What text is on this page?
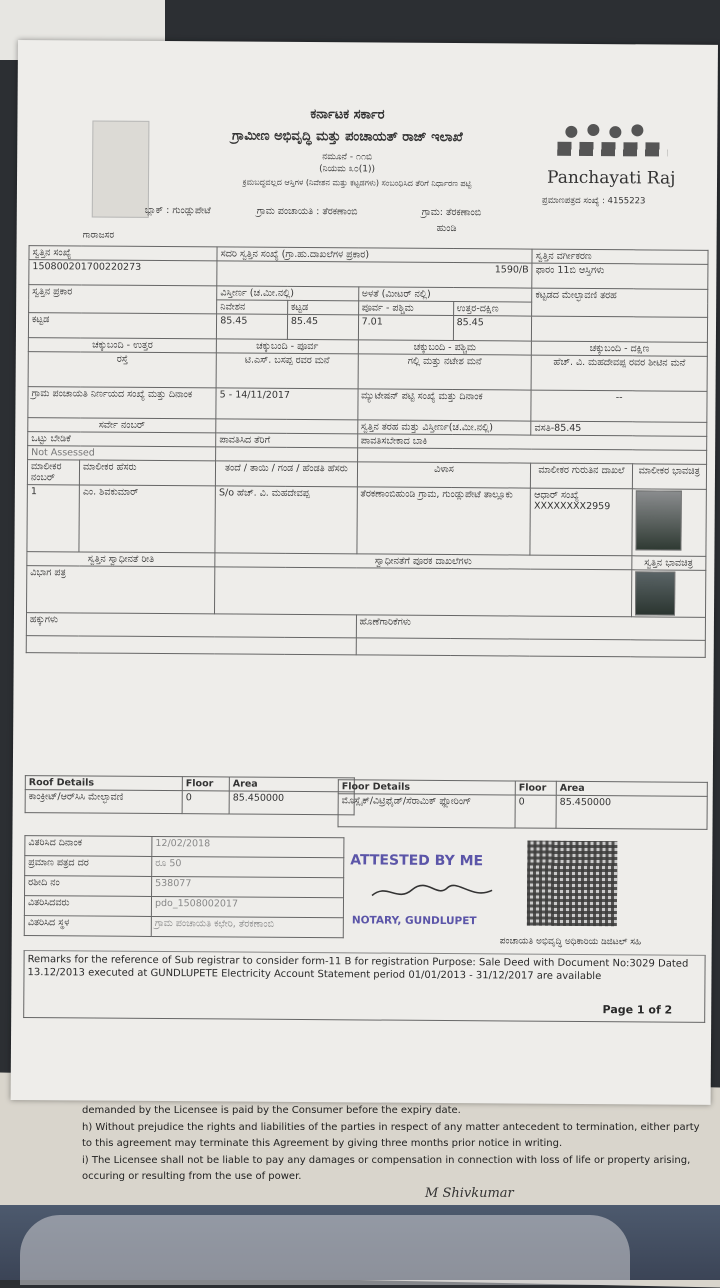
ಗಾರಾಜಸರ
ಕರ್ನಾಟಕ ಸರ್ಕಾರ
ಗ್ರಾಮೀಣ ಅಭಿವೃದ್ಧಿ ಮತ್ತು ಪಂಚಾಯತ್ ರಾಜ್ ಇಲಾಖೆ
ನಮೂನೆ - ೧೧ಬಿ
(ನಿಯಮ ೩೦(1))
ಕ್ರಮಬದ್ಧವಲ್ಲದ ಆಸ್ತಿಗಳ (ನಿವೇಶನ ಮತ್ತು ಕಟ್ಟಡಗಳು) ಸಂಬಂಧಿಸಿದ ತೆರಿಗೆ ನಿರ್ಧಾರಣ ಪಟ್ಟಿ
ಬ್ಲಾಕ್ : ಗುಂಡ್ಲುಪೇಟೆ	ಗ್ರಾಮ ಪಂಚಾಯತಿ : ತೆರಕಣಾಂಬಿ	ಗ್ರಾಮ: ತೆರಕಣಾಂಬಿ
ಹುಂಡಿ
Panchayati Raj
ಪ್ರಮಾಣಪತ್ರದ ಸಂಖ್ಯೆ : 4155223
ಸ್ವತ್ತಿನ ಸಂಖ್ಯೆ		ಸದರಿ ಸ್ವತ್ತಿನ ಸಂಖ್ಯೆ (ಗ್ರಾ.ಹು.ದಾಖಲೆಗಳ ಪ್ರಕಾರ)				ಸ್ವತ್ತಿನ ವರ್ಗೀಕರಣ	
150800201700220273		1590/B				ಫಾರಂ 11ಬಿ ಆಸ್ತಿಗಳು	
ಸ್ವತ್ತಿನ ಪ್ರಕಾರ		ವಿಸ್ತೀರ್ಣ (ಚ.ಮೀ.ನಲ್ಲಿ)		ಅಳತೆ (ಮೀಟರ್ ನಲ್ಲಿ)		ಕಟ್ಟಡದ ಮೇಲ್ಛಾವಣಿ ತರಹ	
		ನಿವೇಶನ	ಕಟ್ಟಡ	ಪೂರ್ವ - ಪಶ್ಚಿಮ	ಉತ್ತರ-ದಕ್ಷಿಣ		
ಕಟ್ಟಡ		85.45	85.45	7.01	85.45		
ಚಕ್ಕುಬಂದಿ - ಉತ್ತರ		ಚಕ್ಕುಬಂದಿ - ಪೂರ್ವ		ಚಕ್ಕುಬಂದಿ - ಪಶ್ಚಿಮ		ಚಕ್ಕುಬಂದಿ - ದಕ್ಷಿಣ	
ರಸ್ತೆ		ಟಿ.ಎಸ್. ಬಸಪ್ಪ ರವರ ಮನೆ		ಗಲ್ಲಿ ಮತ್ತು ನಟೇಶ ಮನೆ		ಹೆಚ್. ವಿ. ಮಹದೇವಪ್ಪ ರವರ ಶೀಟಿನ ಮನೆ	
ಗ್ರಾಮ ಪಂಚಾಯತಿ ನಿರ್ಣಯದ ಸಂಖ್ಯೆ ಮತ್ತು ದಿನಾಂಕ		5 - 14/11/2017		ಮ್ಯುಟೇಷನ್ ಪಟ್ಟಿ ಸಂಖ್ಯೆ ಮತ್ತು ದಿನಾಂಕ		--	
ಸರ್ವೇ ನಂಬರ್				ಸ್ವತ್ತಿನ ತರಹ ಮತ್ತು ವಿಸ್ತೀರ್ಣ(ಚ.ಮೀ.ನಲ್ಲಿ)		ವಸತಿ-85.45	
ಒಟ್ಟು ಬೇಡಿಕೆ		ಪಾವತಿಸಿದ ತೆರಿಗೆ		ಪಾವತಿಸಬೇಕಾದ ಬಾಕಿ			
Not Assessed							
ಮಾಲೀಕರ ನಂಬರ್	ಮಾಲೀಕರ ಹೆಸರು	ತಂದೆ / ತಾಯಿ / ಗಂಡ / ಹೆಂಡತಿ ಹೆಸರು		ವಿಳಾಸ		ಮಾಲೀಕರ ಗುರುತಿನ ದಾಖಲೆ	ಮಾಲೀಕರ ಭಾವಚಿತ್ರ
1	ಎಂ. ಶಿವಕುಮಾರ್	S/o ಹೆಚ್. ವಿ. ಮಹದೇವಪ್ಪ		ತೆರಕಣಾಂಬಿಹುಂಡಿ ಗ್ರಾಮ, ಗುಂಡ್ಲುಪೇಟೆ ತಾಲ್ಲೂಕು		ಆಧಾರ್ ಸಂಖ್ಯೆ
XXXXXXXX2959	

ಸ್ವತ್ತಿನ ಸ್ವಾಧೀನತೆ ರೀತಿ		ಸ್ವಾಧೀನತೆಗೆ ಪೂರಕ ದಾಖಲೆಗಳು					ಸ್ವತ್ತಿನ ಭಾವಚಿತ್ರ
ವಿಭಾಗ ಪತ್ರ							

ಹಕ್ಕುಗಳು				ಹೊಣೆಗಾರಿಕೆಗಳು			

Roof Details	Floor	Area
ಕಾಂಕ್ರೀಟ್/ಆರ್‌ಸಿಸಿ ಮೇಲ್ಛಾವಣಿ	0	85.450000
Floor Details	Floor	Area
ಮೊಸ್ಲೈಕ್/ವಿಟ್ರಿಫೈಡ್/ಸೆರಾಮಿಕ್ ಫ್ಲೋರಿಂಗ್	0	85.450000
ವಿತರಿಸಿದ ದಿನಾಂಕ	12/02/2018
ಪ್ರಮಾಣ ಪತ್ರದ ದರ	ರೂ 50
ರಶೀದಿ ನಂ	538077
ವಿತರಿಸಿದವರು	pdo_1508002017
ವಿತರಿಸಿದ ಸ್ಥಳ	ಗ್ರಾಮ ಪಂಚಾಯತಿ ಕಛೇರಿ, ತೆರಕಣಾಂಬಿ
ATTESTED BY ME
NOTARY, GUNDLUPET
ಪಂಚಾಯತಿ ಅಭಿವೃದ್ಧಿ ಅಧಿಕಾರಿಯ ಡಿಜಿಟಲ್ ಸಹಿ
Remarks for the reference of Sub registrar to consider form-11 B for registration Purpose: Sale Deed with Document No:3029 Dated 13.12/2013 executed at GUNDLUPETE Electricity Account Statement period 01/01/2013 - 31/12/2017 are available
Page 1 of 2
demanded by the Licensee is paid by the Consumer before the expiry date.
h) Without prejudice the rights and liabilities of the parties in respect of any matter antecedent to termination, either party
to this agreement may terminate this Agreement by giving three months prior notice in writing.
i) The Licensee shall not be liable to pay any damages or compensation in connection with loss of life or property arising,
occuring or resulting from the use of power.
M Shivkumar
